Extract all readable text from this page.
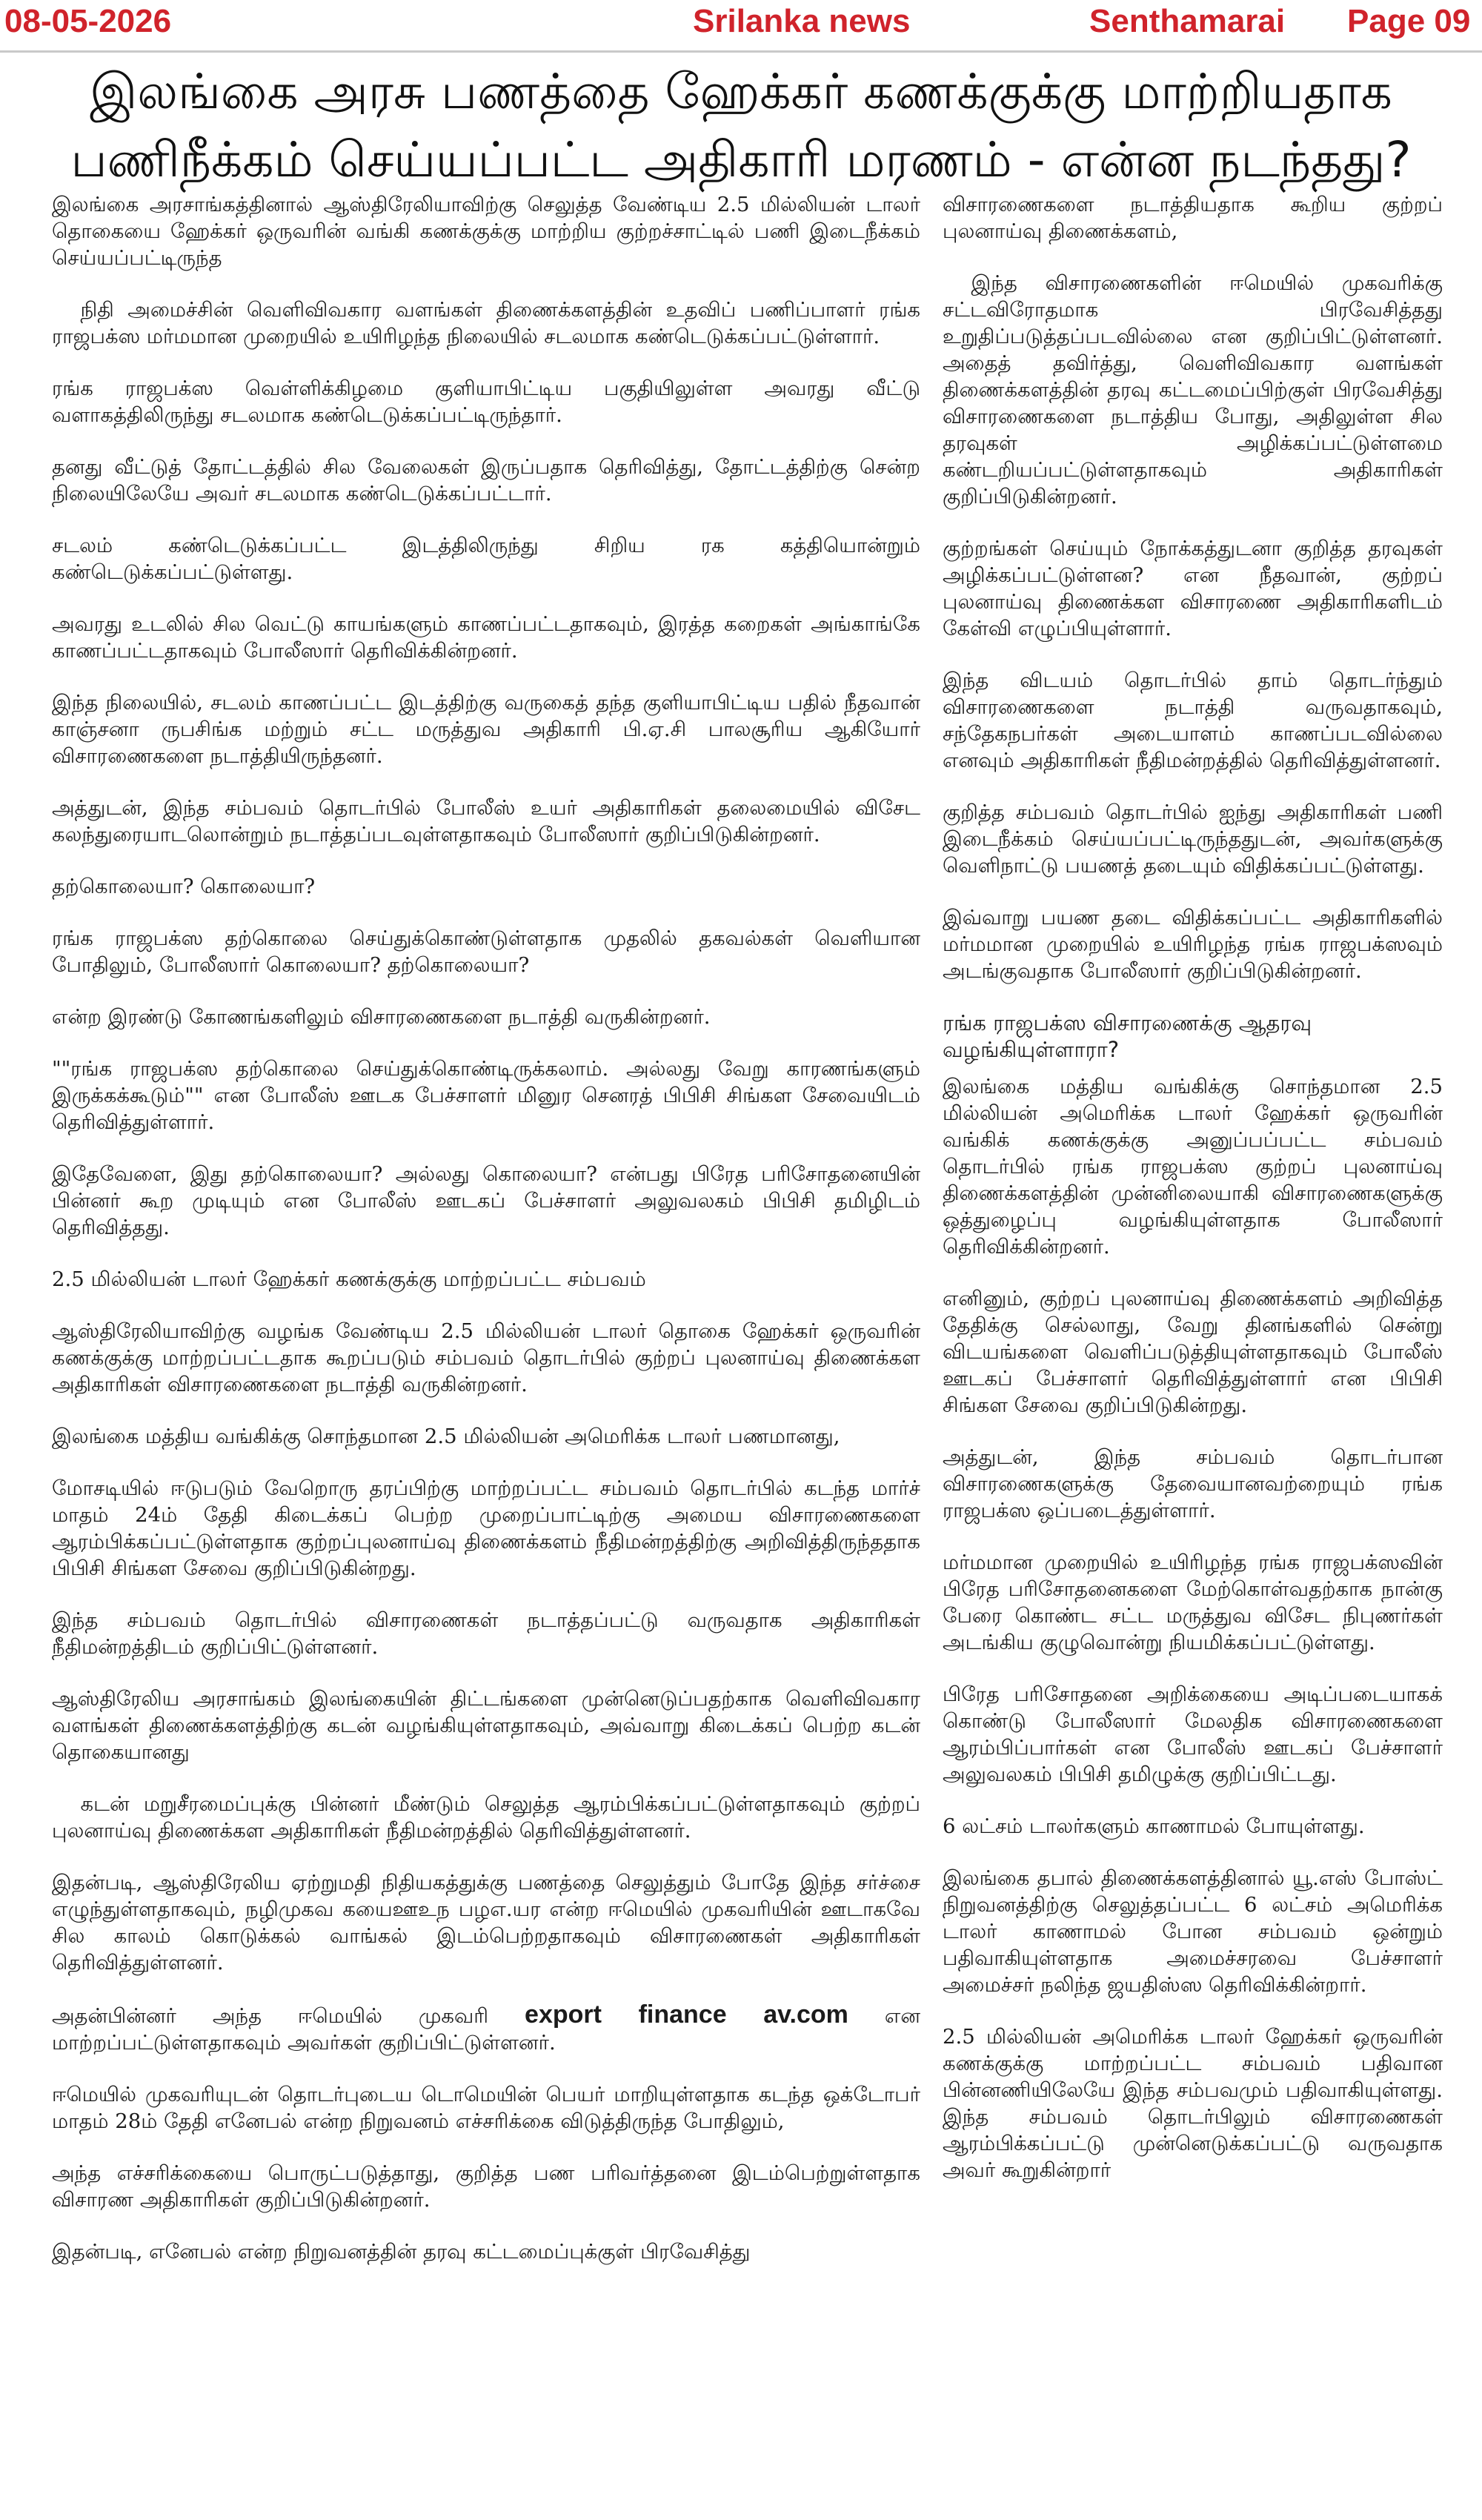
08-05-2026	Srilanka news	Senthamarai Page 09
இலங்கை அரசு பணத்தை ஹேக்கர் கணக்குக்கு மாற்றியதாக
பணிநீக்கம் செய்யப்பட்ட அதிகாரி மரணம் - என்ன நடந்தது?

இலங்கை அரசாங்கத்தினால் ஆஸ்திரேலியாவிற்கு செலுத்த வேண்டிய 2.5 மில்லியன் டாலர் தொகையை ஹேக்கர் ஒருவரின் வங்கி கணக்குக்கு மாற்றிய குற்றச்சாட்டில் பணி இடைநீக்கம் செய்யப்பட்டிருந்த

நிதி அமைச்சின் வெளிவிவகார வளங்கள் திணைக்களத்தின் உதவிப் பணிப்பாளர் ரங்க ராஜபக்ஸ மர்மமான முறையில் உயிரிழந்த நிலையில் சடலமாக கண்டெடுக்கப்பட்டுள்ளார்.

ரங்க ராஜபக்ஸ வெள்ளிக்கிழமை குளியாபிட்டிய பகுதியிலுள்ள அவரது வீட்டு வளாகத்திலிருந்து சடலமாக கண்டெடுக்கப்பட்டிருந்தார்.

தனது வீட்டுத் தோட்டத்தில் சில வேலைகள் இருப்பதாக தெரிவித்து, தோட்டத்திற்கு சென்ற நிலையிலேயே அவர் சடலமாக கண்டெடுக்கப்பட்டார்.

சடலம் கண்டெடுக்கப்பட்ட இடத்திலிருந்து சிறிய ரக கத்தியொன்றும் கண்டெடுக்கப்பட்டுள்ளது.

அவரது உடலில் சில வெட்டு காயங்களும் காணப்பட்டதாகவும், இரத்த கறைகள் அங்காங்கே காணப்பட்டதாகவும் போலீஸார் தெரிவிக்கின்றனர்.

இந்த நிலையில், சடலம் காணப்பட்ட இடத்திற்கு வருகைத் தந்த குளியாபிட்டிய பதில் நீதவான் காஞ்சனா ருபசிங்க மற்றும் சட்ட மருத்துவ அதிகாரி பி.ஏ.சி பாலசூரிய ஆகியோர் விசாரணைகளை நடாத்தியிருந்தனர்.

அத்துடன், இந்த சம்பவம் தொடர்பில் போலீஸ் உயர் அதிகாரிகள் தலைமையில் விசேட கலந்துரையாடலொன்றும் நடாத்தப்படவுள்ளதாகவும் போலீஸார் குறிப்பிடுகின்றனர்.

தற்கொலையா? கொலையா?

ரங்க ராஜபக்ஸ தற்கொலை செய்துக்கொண்டுள்ளதாக முதலில் தகவல்கள் வெளியான போதிலும், போலீஸார் கொலையா? தற்கொலையா?

என்ற இரண்டு கோணங்களிலும் விசாரணைகளை நடாத்தி வருகின்றனர்.

""ரங்க ராஜபக்ஸ தற்கொலை செய்துக்கொண்டிருக்கலாம். அல்லது வேறு காரணங்களும் இருக்கக்கூடும்"" என போலீஸ் ஊடக பேச்சாளர் மினுர செனரத் பிபிசி சிங்கள சேவையிடம் தெரிவித்துள்ளார்.

இதேவேளை, இது தற்கொலையா? அல்லது கொலையா? என்பது பிரேத பரிசோதனையின் பின்னர் கூற முடியும் என போலீஸ் ஊடகப் பேச்சாளர் அலுவலகம் பிபிசி தமிழிடம் தெரிவித்தது.

2.5 மில்லியன் டாலர் ஹேக்கர் கணக்குக்கு மாற்றப்பட்ட சம்பவம்

ஆஸ்திரேலியாவிற்கு வழங்க வேண்டிய 2.5 மில்லியன் டாலர் தொகை ஹேக்கர் ஒருவரின் கணக்குக்கு மாற்றப்பட்டதாக கூறப்படும் சம்பவம் தொடர்பில் குற்றப் புலனாய்வு திணைக்கள அதிகாரிகள் விசாரணைகளை நடாத்தி வருகின்றனர்.

இலங்கை மத்திய வங்கிக்கு சொந்தமான 2.5 மில்லியன் அமெரிக்க டாலர் பணமானது,

மோசடியில் ஈடுபடும் வேறொரு தரப்பிற்கு மாற்றப்பட்ட சம்பவம் தொடர்பில் கடந்த மார்ச் மாதம் 24ம் தேதி கிடைக்கப் பெற்ற முறைப்பாட்டிற்கு அமைய விசாரணைகளை ஆரம்பிக்கப்பட்டுள்ளதாக குற்றப்புலனாய்வு திணைக்களம் நீதிமன்றத்திற்கு அறிவித்திருந்ததாக பிபிசி சிங்கள சேவை குறிப்பிடுகின்றது.

இந்த சம்பவம் தொடர்பில் விசாரணைகள் நடாத்தப்பட்டு வருவதாக அதிகாரிகள் நீதிமன்றத்திடம் குறிப்பிட்டுள்ளனர்.

ஆஸ்திரேலிய அரசாங்கம் இலங்கையின் திட்டங்களை முன்னெடுப்பதற்காக வெளிவிவகார வளங்கள் திணைக்களத்திற்கு கடன் வழங்கியுள்ளதாகவும், அவ்வாறு கிடைக்கப் பெற்ற கடன் தொகையானது

கடன் மறுசீரமைப்புக்கு பின்னர் மீண்டும் செலுத்த ஆரம்பிக்கப்பட்டுள்ளதாகவும் குற்றப் புலனாய்வு திணைக்கள அதிகாரிகள் நீதிமன்றத்தில் தெரிவித்துள்ளனர்.

இதன்படி, ஆஸ்திரேலிய ஏற்றுமதி நிதியகத்துக்கு பணத்தை செலுத்தும் போதே இந்த சர்ச்சை எழுந்துள்ளதாகவும், நழிமுகவ கயைஊஉந பழஎ.யர என்ற ஈமெயில் முகவரியின் ஊடாகவே சில காலம் கொடுக்கல் வாங்கல் இடம்பெற்றதாகவும் விசாரணைகள் அதிகாரிகள் தெரிவித்துள்ளனர்.

அதன்பின்னர் அந்த ஈமெயில் முகவரி export finance av.com என மாற்றப்பட்டுள்ளதாகவும் அவர்கள் குறிப்பிட்டுள்ளனர்.

ஈமெயில் முகவரியுடன் தொடர்புடைய டொமெயின் பெயர் மாறியுள்ளதாக கடந்த ஒக்டோபர் மாதம் 28ம் தேதி எனேபல் என்ற நிறுவனம் எச்சரிக்கை விடுத்திருந்த போதிலும்,

அந்த எச்சரிக்கையை பொருட்படுத்தாது, குறித்த பண பரிவர்த்தனை இடம்பெற்றுள்ளதாக விசாரண அதிகாரிகள் குறிப்பிடுகின்றனர்.

இதன்படி, எனேபல் என்ற நிறுவனத்தின் தரவு கட்டமைப்புக்குள் பிரவேசித்து

விசாரணைகளை நடாத்தியதாக கூறிய குற்றப் புலனாய்வு திணைக்களம்,

இந்த விசாரணைகளின் ஈமெயில் முகவரிக்கு சட்டவிரோதமாக பிரவேசித்தது உறுதிப்படுத்தப்படவில்லை என குறிப்பிட்டுள்ளனர். அதைத் தவிர்த்து, வெளிவிவகார வளங்கள் திணைக்களத்தின் தரவு கட்டமைப்பிற்குள் பிரவேசித்து விசாரணைகளை நடாத்திய போது, அதிலுள்ள சில தரவுகள் அழிக்கப்பட்டுள்ளமை கண்டறியப்பட்டுள்ளதாகவும் அதிகாரிகள் குறிப்பிடுகின்றனர்.

குற்றங்கள் செய்யும் நோக்கத்துடனா குறித்த தரவுகள் அழிக்கப்பட்டுள்ளன? என நீதவான், குற்றப் புலனாய்வு திணைக்கள விசாரணை அதிகாரிகளிடம் கேள்வி எழுப்பியுள்ளார்.

இந்த விடயம் தொடர்பில் தாம் தொடர்ந்தும் விசாரணைகளை நடாத்தி வருவதாகவும், சந்தேகநபர்கள் அடையாளம் காணப்படவில்லை எனவும் அதிகாரிகள் நீதிமன்றத்தில் தெரிவித்துள்ளனர்.

குறித்த சம்பவம் தொடர்பில் ஐந்து அதிகாரிகள் பணி இடைநீக்கம் செய்யப்பட்டிருந்ததுடன், அவர்களுக்கு வெளிநாட்டு பயணத் தடையும் விதிக்கப்பட்டுள்ளது.

இவ்வாறு பயண தடை விதிக்கப்பட்ட அதிகாரிகளில் மர்மமான முறையில் உயிரிழந்த ரங்க ராஜபக்ஸவும் அடங்குவதாக போலீஸார் குறிப்பிடுகின்றனர்.

ரங்க ராஜபக்ஸ விசாரணைக்கு ஆதரவு வழங்கியுள்ளாரா?

இலங்கை மத்திய வங்கிக்கு சொந்தமான 2.5 மில்லியன் அமெரிக்க டாலர் ஹேக்கர் ஒருவரின் வங்கிக் கணக்குக்கு அனுப்பப்பட்ட சம்பவம் தொடர்பில் ரங்க ராஜபக்ஸ குற்றப் புலனாய்வு திணைக்களத்தின் முன்னிலையாகி விசாரணைகளுக்கு ஒத்துழைப்பு வழங்கியுள்ளதாக போலீஸார் தெரிவிக்கின்றனர்.

எனினும், குற்றப் புலனாய்வு திணைக்களம் அறிவித்த தேதிக்கு செல்லாது, வேறு தினங்களில் சென்று விடயங்களை வெளிப்படுத்தியுள்ளதாகவும் போலீஸ் ஊடகப் பேச்சாளர் தெரிவித்துள்ளார் என பிபிசி சிங்கள சேவை குறிப்பிடுகின்றது.

அத்துடன், இந்த சம்பவம் தொடர்பான விசாரணைகளுக்கு தேவையானவற்றையும் ரங்க ராஜபக்ஸ ஒப்படைத்துள்ளார்.

மர்மமான முறையில் உயிரிழந்த ரங்க ராஜபக்ஸவின் பிரேத பரிசோதனைகளை மேற்கொள்வதற்காக நான்கு பேரை கொண்ட சட்ட மருத்துவ விசேட நிபுணர்கள் அடங்கிய குழுவொன்று நியமிக்கப்பட்டுள்ளது.

பிரேத பரிசோதனை அறிக்கையை அடிப்படையாகக் கொண்டு போலீஸார் மேலதிக விசாரணைகளை ஆரம்பிப்பார்கள் என போலீஸ் ஊடகப் பேச்சாளர் அலுவலகம் பிபிசி தமிழுக்கு குறிப்பிட்டது.

6 லட்சம் டாலர்களும் காணாமல் போயுள்ளது.

இலங்கை தபால் திணைக்களத்தினால் யூ.எஸ் போஸ்ட் நிறுவனத்திற்கு செலுத்தப்பட்ட 6 லட்சம் அமெரிக்க டாலர் காணாமல் போன சம்பவம் ஒன்றும் பதிவாகியுள்ளதாக அமைச்சரவை பேச்சாளர் அமைச்சர் நலிந்த ஜயதிஸ்ஸ தெரிவிக்கின்றார்.

2.5 மில்லியன் அமெரிக்க டாலர் ஹேக்கர் ஒருவரின் கணக்குக்கு மாற்றப்பட்ட சம்பவம் பதிவான பின்னணியிலேயே இந்த சம்பவமும் பதிவாகியுள்ளது. இந்த சம்பவம் தொடர்பிலும் விசாரணைகள் ஆரம்பிக்கப்பட்டு முன்னெடுக்கப்பட்டு வருவதாக அவர் கூறுகின்றார்
